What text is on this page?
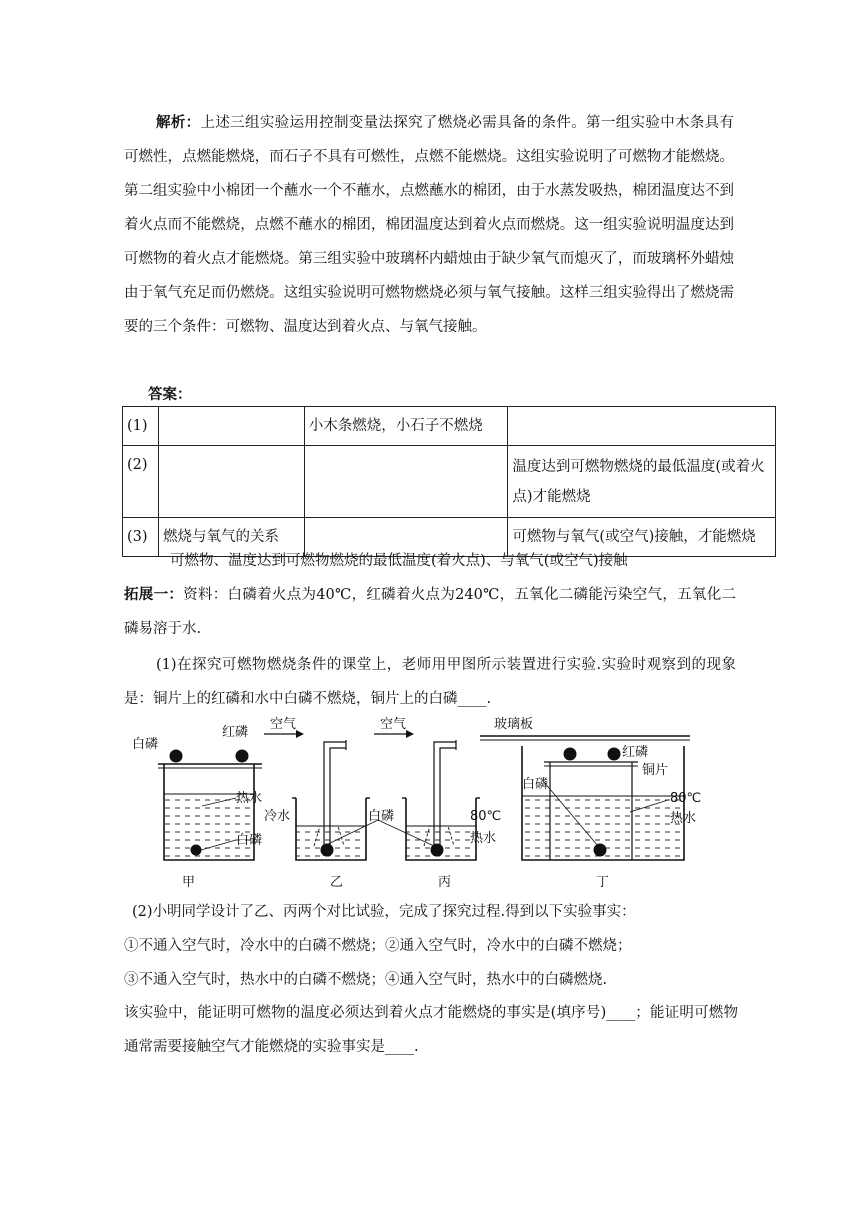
解析：上述三组实验运用控制变量法探究了燃烧必需具备的条件。第一组实验中木条具有可燃性，点燃能燃烧，而石子不具有可燃性，点燃不能燃烧。这组实验说明了可燃物才能燃烧。第二组实验中小棉团一个蘸水一个不蘸水，点燃蘸水的棉团，由于水蒸发吸热，棉团温度达不到着火点而不能燃烧，点燃不蘸水的棉团，棉团温度达到着火点而燃烧。这一组实验说明温度达到可燃物的着火点才能燃烧。第三组实验中玻璃杯内蜡烛由于缺少氧气而熄灭了，而玻璃杯外蜡烛由于氧气充足而仍燃烧。这组实验说明可燃物燃烧必须与氧气接触。这样三组实验得出了燃烧需要的三个条件：可燃物、温度达到着火点、与氧气接触。
答案：
(1)		小木条燃烧，小石子不燃烧	
(2)			温度达到可燃物燃烧的最低温度(或着火点)才能燃烧
(3)	燃烧与氧气的关系		可燃物与氧气(或空气)接触，才能燃烧
可燃物、温度达到可燃物燃烧的最低温度(着火点)、与氧气(或空气)接触
拓展一：资料：白磷着火点为40℃，红磷着火点为240℃，五氧化二磷能污染空气，五氧化二磷易溶于水.
(1)在探究可燃物燃烧条件的课堂上，老师用甲图所示装置进行实验.实验时观察到的现象是：铜片上的红磷和水中白磷不燃烧，铜片上的白磷____.
白磷
红磷
热水
白磷
甲
空气
冷水
乙
空气
白磷	80℃
热水
丙
玻璃板
红磷
铜片
白磷
80℃
热水
丁
(2)小明同学设计了乙、丙两个对比试验，完成了探究过程.得到以下实验事实：
①不通入空气时，冷水中的白磷不燃烧；②通入空气时，冷水中的白磷不燃烧；
③不通入空气时，热水中的白磷不燃烧；④通入空气时，热水中的白磷燃烧.
该实验中，能证明可燃物的温度必须达到着火点才能燃烧的事实是(填序号)____；能证明可燃物通常需要接触空气才能燃烧的实验事实是____.
